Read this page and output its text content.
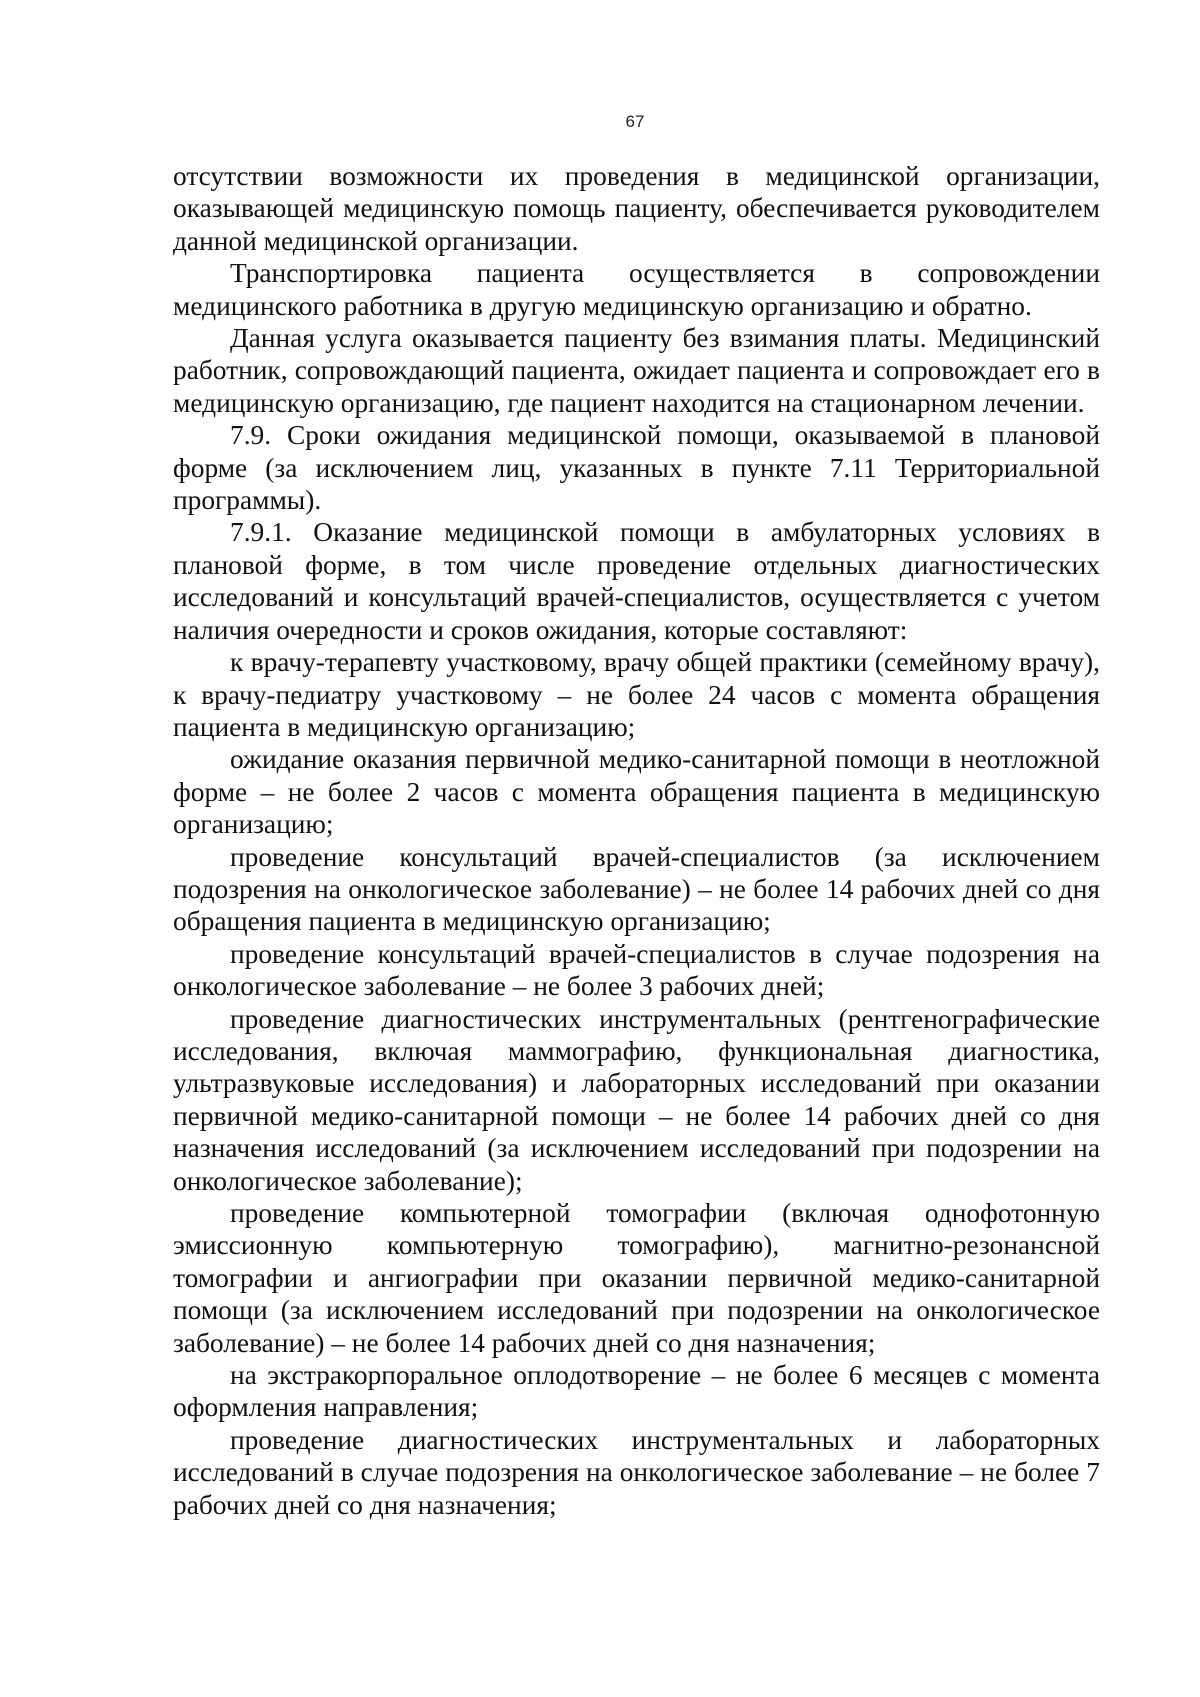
67

отсутствии возможности их проведения в медицинской организации, оказывающей медицинскую помощь пациенту, обеспечивается руководителем данной медицинской организации.

Транспортировка пациента осуществляется в сопровождении медицинского работника в другую медицинскую организацию и обратно.

Данная услуга оказывается пациенту без взимания платы. Медицинский работник, сопровождающий пациента, ожидает пациента и сопровождает его в медицинскую организацию, где пациент находится на стационарном лечении.

7.9. Сроки ожидания медицинской помощи, оказываемой в плановой форме (за исключением лиц, указанных в пункте 7.11 Территориальной программы).

7.9.1. Оказание медицинской помощи в амбулаторных условиях в плановой форме, в том числе проведение отдельных диагностических исследований и консультаций врачей-специалистов, осуществляется с учетом наличия очередности и сроков ожидания, которые составляют:

к врачу-терапевту участковому, врачу общей практики (семейному врачу), к врачу-педиатру участковому – не более 24 часов с момента обращения пациента в медицинскую организацию;

ожидание оказания первичной медико-санитарной помощи в неотложной форме – не более 2 часов с момента обращения пациента в медицинскую организацию;

проведение консультаций врачей-специалистов (за исключением подозрения на онкологическое заболевание) – не более 14 рабочих дней со дня обращения пациента в медицинскую организацию;

проведение консультаций врачей-специалистов в случае подозрения на онкологическое заболевание – не более 3 рабочих дней;

проведение диагностических инструментальных (рентгенографические исследования, включая маммографию, функциональная диагностика, ультразвуковые исследования) и лабораторных исследований при оказании первичной медико-санитарной помощи – не более 14 рабочих дней со дня назначения исследований (за исключением исследований при подозрении на онкологическое заболевание);

проведение компьютерной томографии (включая однофотонную эмиссионную компьютерную томографию), магнитно-резонансной томографии и ангиографии при оказании первичной медико-санитарной помощи (за исключением исследований при подозрении на онкологическое заболевание) – не более 14 рабочих дней со дня назначения;

на экстракорпоральное оплодотворение – не более 6 месяцев с момента оформления направления;

проведение диагностических инструментальных и лабораторных исследований в случае подозрения на онкологическое заболевание – не более 7 рабочих дней со дня назначения;
